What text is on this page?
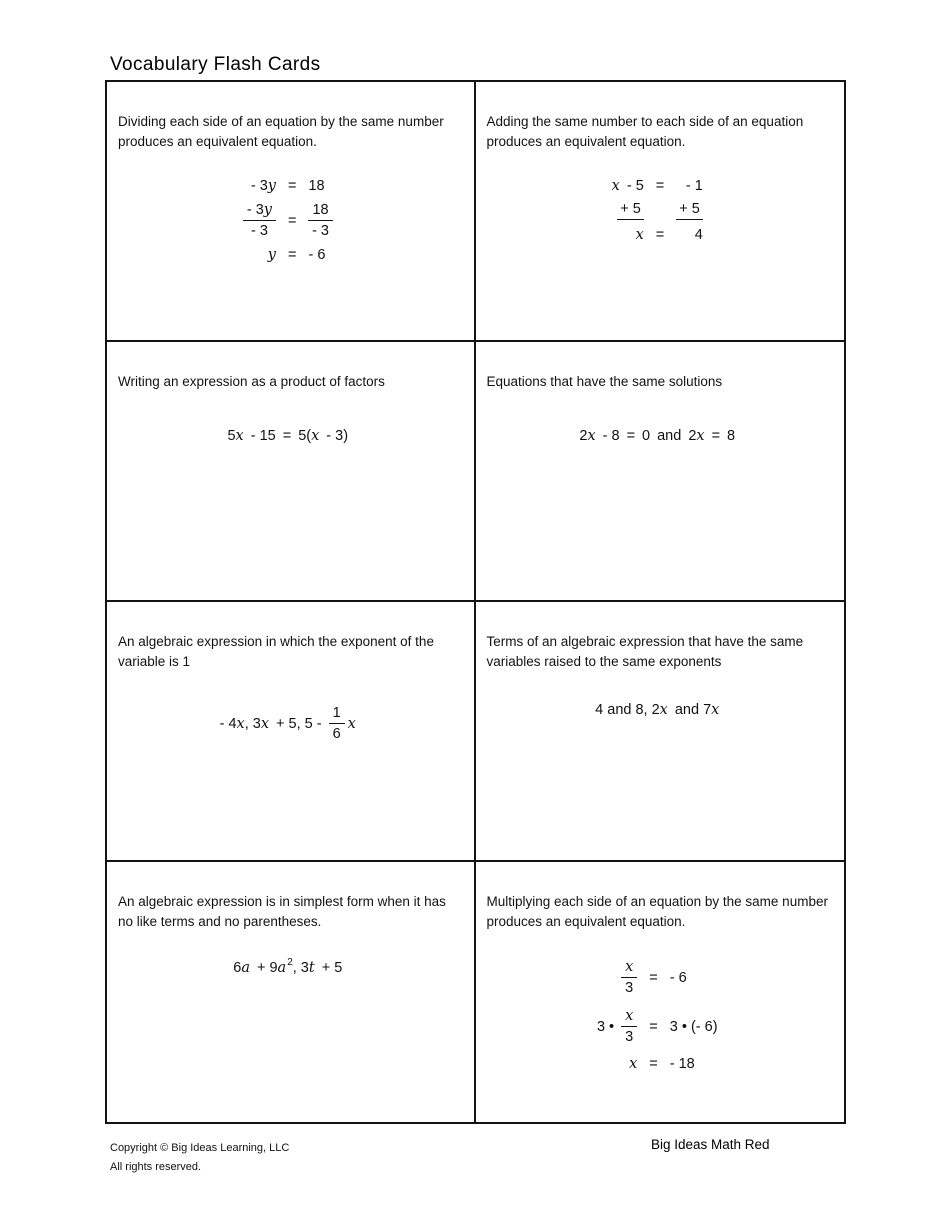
Vocabulary Flash Cards

Dividing each side of an equation by the same number produces an equivalent equation.

- 3 y = 18
$\frac{- 3 y}{- 3} = \frac{18}{- 3}$
y = - 6

Adding the same number to each side of an equation produces an equivalent equation.

x - 5 = - 1
+ 5	+ 5
x = 4

Writing an expression as a product of factors

5 x - 15 = 5( x - 3)

Equations that have the same solutions

2 x - 8 = 0 and 2 x = 8

An algebraic expression in which the exponent of the variable is 1

- 4 x , 3 x + 5, $5 - \frac{1}{6}$ x

Terms of an algebraic expression that have the same variables raised to the same exponents

4 and 8, 2 x and 7 x

An algebraic expression is in simplest form when it has no like terms and no parentheses.

6 a + 9 a 2 , 3 t + 5

Multiplying each side of an equation by the same number produces an equivalent equation.

$\frac{x}{3}$ = - 6
3 • $\frac{x}{3} = 3$ • (- 6)
x = - 18
Copyright © Big Ideas Learning, LLC
All rights reserved.
Big Ideas Math Red
